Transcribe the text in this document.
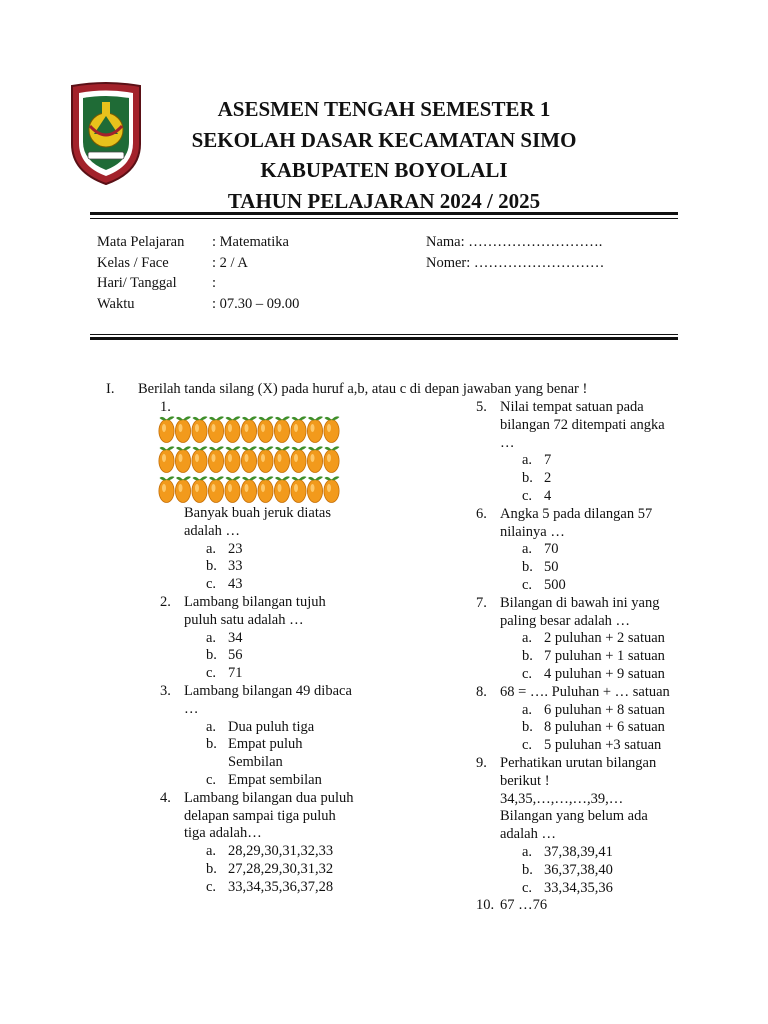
ASESMEN TENGAH SEMESTER 1
SEKOLAH DASAR KECAMATAN SIMO
KABUPATEN BOYOLALI
TAHUN PELAJARAN 2024 / 2025
Mata Pelajaran
Kelas / Face
Hari/ Tanggal
Waktu
: Matematika
: 2 / A
:
: 07.30 – 09.00
Nama: ……………………….
Nomer: ………………………
I. Berilah tanda silang (X) pada huruf a,b, atau c di depan jawaban yang benar !
1.
Banyak buah jeruk diatas
adalah …
a. 23
b. 33
c. 43
2. Lambang bilangan tujuh
puluh satu adalah …
a. 34
b. 56
c. 71
3. Lambang bilangan 49 dibaca
…
a. Dua puluh tiga
b. Empat puluh
Sembilan
c. Empat sembilan
4. Lambang bilangan dua puluh
delapan sampai tiga puluh
tiga adalah…
a. 28,29,30,31,32,33
b. 27,28,29,30,31,32
c. 33,34,35,36,37,28
5. Nilai tempat satuan pada
bilangan 72 ditempati angka
…
a. 7
b. 2
c. 4
6. Angka 5 pada dilangan 57
nilainya …
a. 70
b. 50
c. 500
7. Bilangan di bawah ini yang
paling besar adalah …
a. 2 puluhan + 2 satuan
b. 7 puluhan + 1 satuan
c. 4 puluhan + 9 satuan
8. 68 = …. Puluhan + … satuan
a. 6 puluhan + 8 satuan
b. 8 puluhan + 6 satuan
c. 5 puluhan +3 satuan
9. Perhatikan urutan bilangan
berikut !
34,35,…,…,…,39,…
Bilangan yang belum ada
adalah …
a. 37,38,39,41
b. 36,37,38,40
c. 33,34,35,36
10. 67 …76
